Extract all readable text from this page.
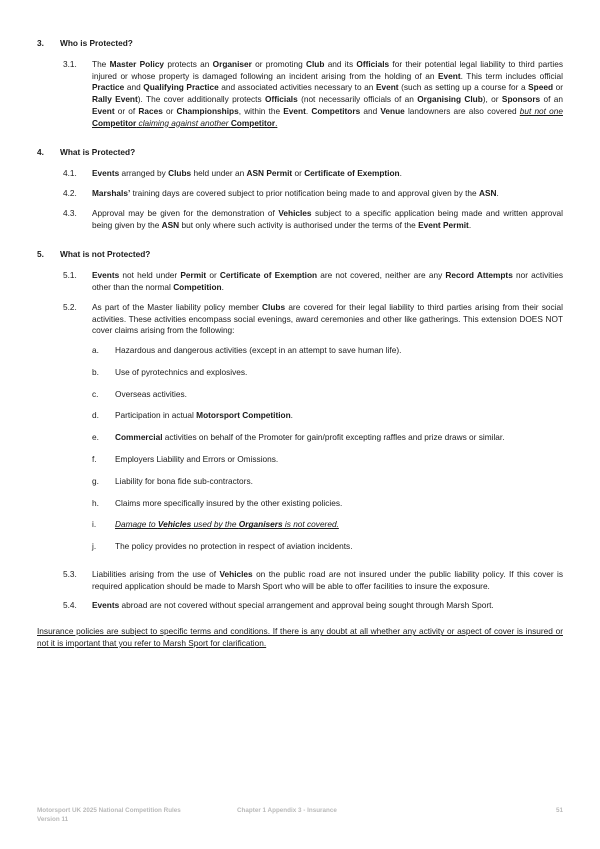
3.	Who is Protected?
3.1.	The Master Policy protects an Organiser or promoting Club and its Officials for their potential legal liability to third parties injured or whose property is damaged following an incident arising from the holding of an Event. This term includes official Practice and Qualifying Practice and associated activities necessary to an Event (such as setting up a course for a Speed or Rally Event). The cover additionally protects Officials (not necessarily officials of an Organising Club), or Sponsors of an Event or of Races or Championships, within the Event. Competitors and Venue landowners are also covered but not one Competitor claiming against another Competitor.
4.	What is Protected?
4.1.	Events arranged by Clubs held under an ASN Permit or Certificate of Exemption.
4.2.	Marshals’ training days are covered subject to prior notification being made to and approval given by the ASN.
4.3.	Approval may be given for the demonstration of Vehicles subject to a specific application being made and written approval being given by the ASN but only where such activity is authorised under the terms of the Event Permit.
5.	What is not Protected?
5.1.	Events not held under Permit or Certificate of Exemption are not covered, neither are any Record Attempts nor activities other than the normal Competition.
5.2.	As part of the Master liability policy member Clubs are covered for their legal liability to third parties arising from their social activities. These activities encompass social evenings, award ceremonies and other like gatherings. This extension DOES NOT cover claims arising from the following:
a.	Hazardous and dangerous activities (except in an attempt to save human life).
b.	Use of pyrotechnics and explosives.
c.	Overseas activities.
d.	Participation in actual Motorsport Competition.
e.	Commercial activities on behalf of the Promoter for gain/profit excepting raffles and prize draws or similar.
f.	Employers Liability and Errors or Omissions.
g.	Liability for bona fide sub-contractors.
h.	Claims more specifically insured by the other existing policies.
i.	Damage to Vehicles used by the Organisers is not covered.
j.	The policy provides no protection in respect of aviation incidents.
5.3.	Liabilities arising from the use of Vehicles on the public road are not insured under the public liability policy. If this cover is required application should be made to Marsh Sport who will be able to offer facilities to insure the exposure.
5.4.	Events abroad are not covered without special arrangement and approval being sought through Marsh Sport.
Insurance policies are subject to specific terms and conditions. If there is any doubt at all whether any activity or aspect of cover is insured or not it is important that you refer to Marsh Sport for clarification.
Motorsport UK 2025 National Competition Rules
Version 11
Chapter 1 Appendix 3 - Insurance	51
